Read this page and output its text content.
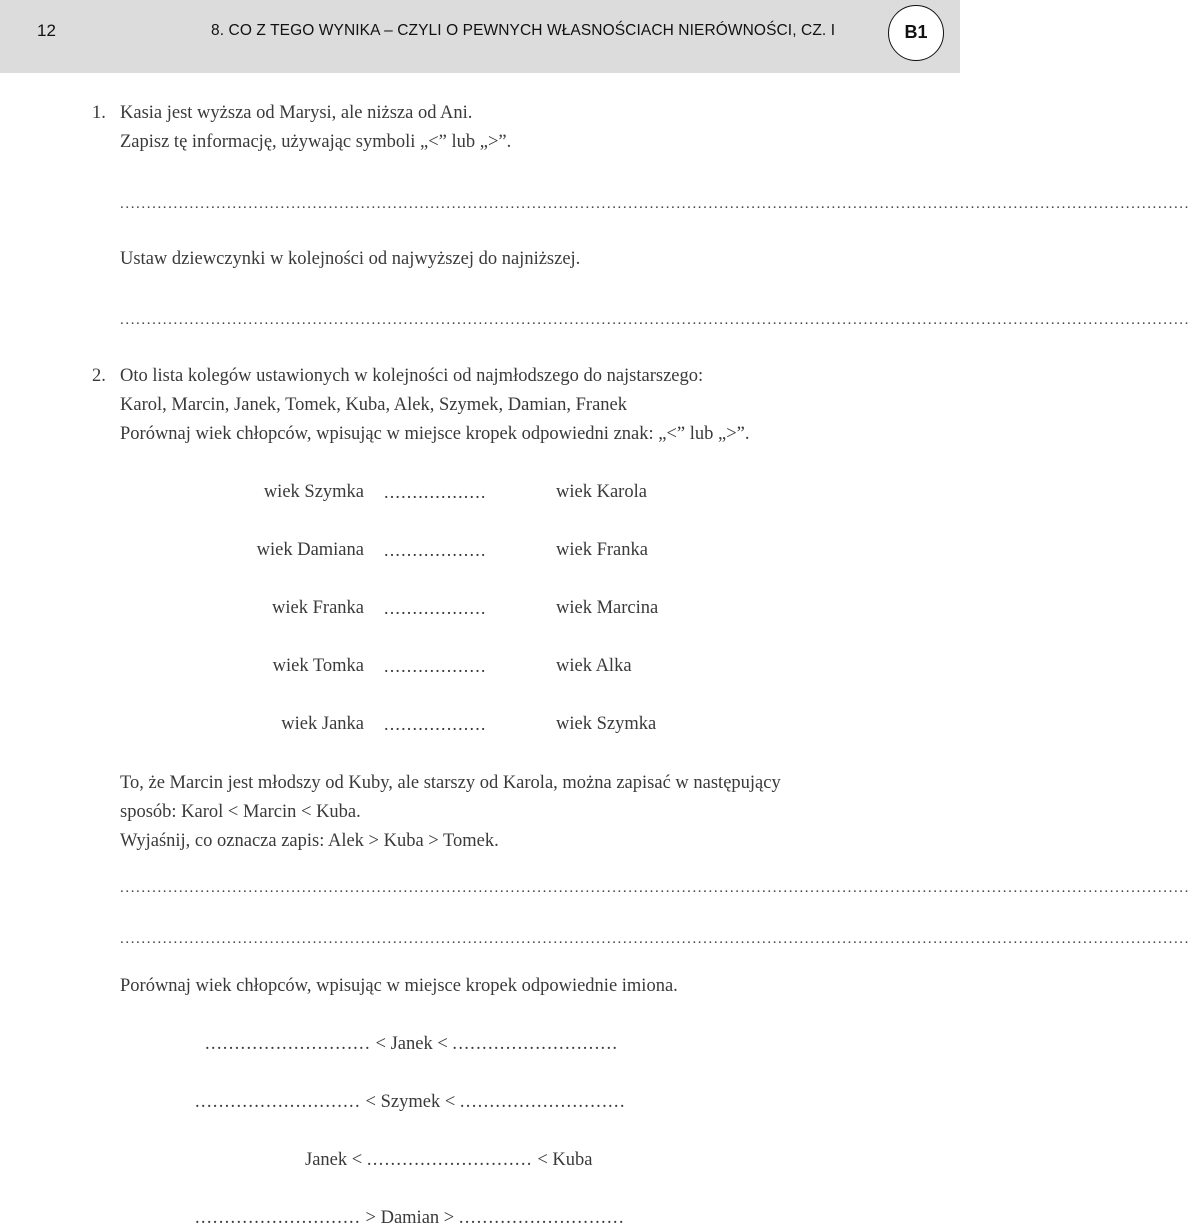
12	8. CO Z TEGO WYNIKA – CZYLI O PEWNYCH WŁASNOŚCIACH NIERÓWNOŚCI, CZ. I	B1
1. Kasia jest wyższa od Marysi, ale niższa od Ani.
Zapisz tę informację, używając symboli „<” lub „>”.
........................................................................................................................................................................................................
Ustaw dziewczynki w kolejności od najwyższej do najniższej.
........................................................................................................................................................................................................
2. Oto lista kolegów ustawionych w kolejności od najmłodszego do najstarszego:
Karol, Marcin, Janek, Tomek, Kuba, Alek, Szymek, Damian, Franek
Porównaj wiek chłopców, wpisując w miejsce kropek odpowiedni znak: „<” lub „>”.
wiek Szymka ..................	wiek Karola
wiek Damiana ..................	wiek Franka
wiek Franka ..................	wiek Marcina
wiek Tomka ..................	wiek Alka
wiek Janka ..................	wiek Szymka
To, że Marcin jest młodszy od Kuby, ale starszy od Karola, można zapisać w następujący
sposób: Karol < Marcin < Kuba.
Wyjaśnij, co oznacza zapis: Alek > Kuba > Tomek.
........................................................................................................................................................................................................
........................................................................................................................................................................................................
Porównaj wiek chłopców, wpisując w miejsce kropek odpowiednie imiona.
............................ < Janek < ............................
............................ < Szymek < ............................
Janek < ............................ < Kuba
............................ > Damian > ............................
